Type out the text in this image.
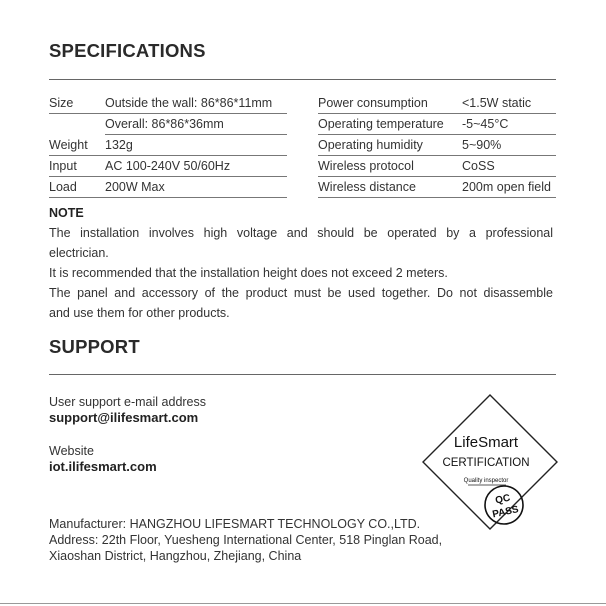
SPECIFICATIONS
Size	Outside the wall: 86*86*11mm
Overall: 86*86*36mm
Weight 132g
Input AC 100-240V 50/60Hz
Load 200W Max
Power consumption	<1.5W static
Operating temperature -5~45°C
Operating humidity	5~90%
Wireless protocol	CoSS
Wireless distance	200m open field
NOTE

The installation involves high voltage and should be operated by a professional

electrician.

It is recommended that the installation height does not exceed 2 meters.

The panel and accessory of the product must be used together. Do not disassemble

and use them for other products.

SUPPORT

User support e-mail address

support@ilifesmart.com

Website

iot.ilifesmart.com

Manufacturer: HANGZHOU LIFESMART TECHNOLOGY CO.,LTD.

Address: 22th Floor, Yuesheng International Center, 518 Pinglan Road,

Xiaoshan District, Hangzhou, Zhejiang, China

LifeSmart
CERTIFICATION
Quality inspector
QC
PASS
